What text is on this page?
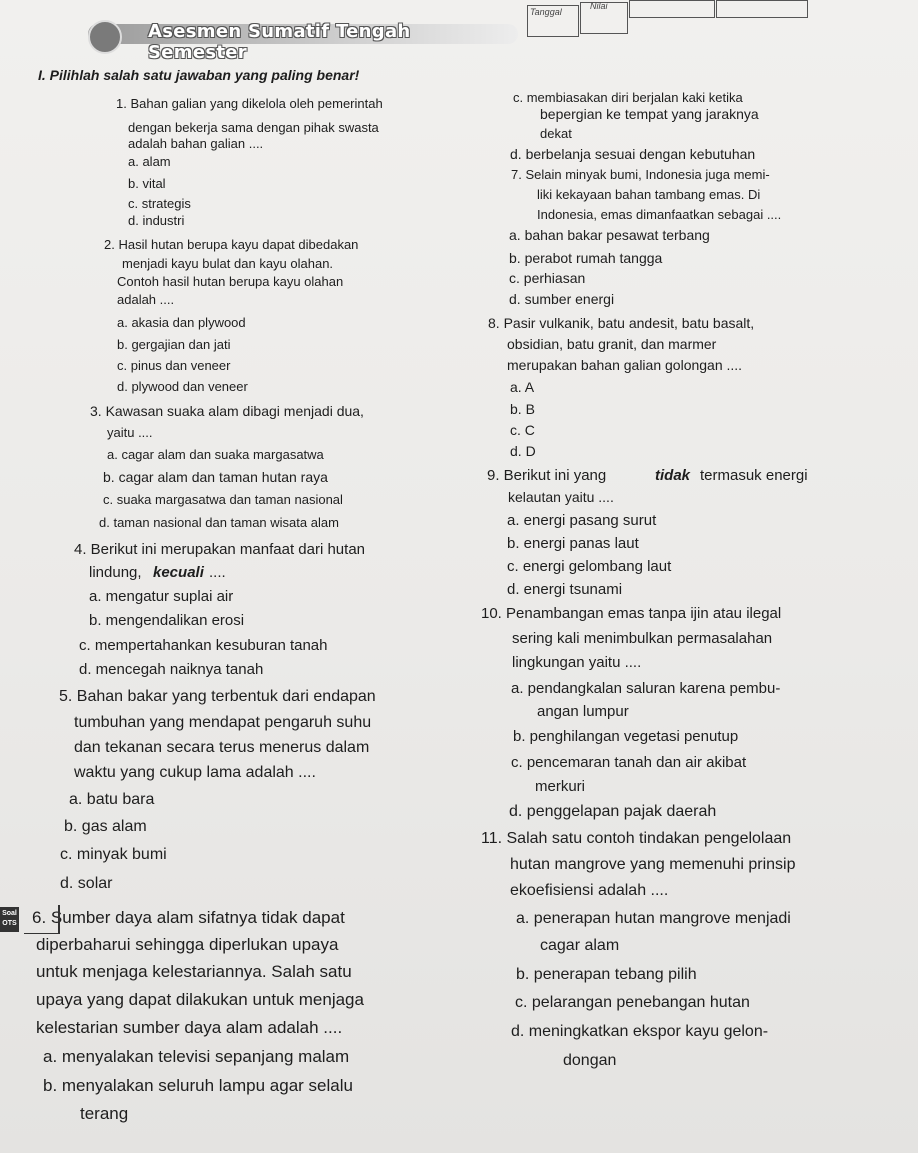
Asesmen Sumatif Tengah Semester
Tanggal
Nilai
I. Pilihlah salah satu jawaban yang paling benar!
1. Bahan galian yang dikelola oleh pemerintah
dengan bekerja sama dengan pihak swasta
adalah bahan galian ....
a. alam
b. vital
c. strategis
d. industri
2. Hasil hutan berupa kayu dapat dibedakan
menjadi kayu bulat dan kayu olahan.
Contoh hasil hutan berupa kayu olahan
adalah ....
a. akasia dan plywood
b. gergajian dan jati
c. pinus dan veneer
d. plywood dan veneer
3. Kawasan suaka alam dibagi menjadi dua,
yaitu ....
a. cagar alam dan suaka margasatwa
b. cagar alam dan taman hutan raya
c. suaka margasatwa dan taman nasional
d. taman nasional dan taman wisata alam
4. Berikut ini merupakan manfaat dari hutan
lindung, kecuali ....
a. mengatur suplai air
b. mengendalikan erosi
c. mempertahankan kesuburan tanah
d. mencegah naiknya tanah
5. Bahan bakar yang terbentuk dari endapan
tumbuhan yang mendapat pengaruh suhu
dan tekanan secara terus menerus dalam
waktu yang cukup lama adalah ....
a. batu bara
b. gas alam
c. minyak bumi
d. solar
6. Sumber daya alam sifatnya tidak dapat
diperbaharui sehingga diperlukan upaya
untuk menjaga kelestariannya. Salah satu
upaya yang dapat dilakukan untuk menjaga
kelestarian sumber daya alam adalah ....
a. menyalakan televisi sepanjang malam
b. menyalakan seluruh lampu agar selalu
terang
c. membiasakan diri berjalan kaki ketika
bepergian ke tempat yang jaraknya
dekat
d. berbelanja sesuai dengan kebutuhan
7. Selain minyak bumi, Indonesia juga memi-
liki kekayaan bahan tambang emas. Di
Indonesia, emas dimanfaatkan sebagai ....
a. bahan bakar pesawat terbang
b. perabot rumah tangga
c. perhiasan
d. sumber energi
8. Pasir vulkanik, batu andesit, batu basalt,
obsidian, batu granit, dan marmer
merupakan bahan galian golongan ....
a. A
b. B
c. C
d. D
9. Berikut ini yang	tidak termasuk energi
kelautan yaitu ....
a. energi pasang surut
b. energi panas laut
c. energi gelombang laut
d. energi tsunami
10. Penambangan emas tanpa ijin atau ilegal
sering kali menimbulkan permasalahan
lingkungan yaitu ....
a. pendangkalan saluran karena pembu-
angan lumpur
b. penghilangan vegetasi penutup
c. pencemaran tanah dan air akibat
merkuri
d. penggelapan pajak daerah
11. Salah satu contoh tindakan pengelolaan
hutan mangrove yang memenuhi prinsip
ekoefisiensi adalah ....
a. penerapan hutan mangrove menjadi
cagar alam
b. penerapan tebang pilih
c. pelarangan penebangan hutan
d. meningkatkan ekspor kayu gelon-
dongan
Soal
OTS
